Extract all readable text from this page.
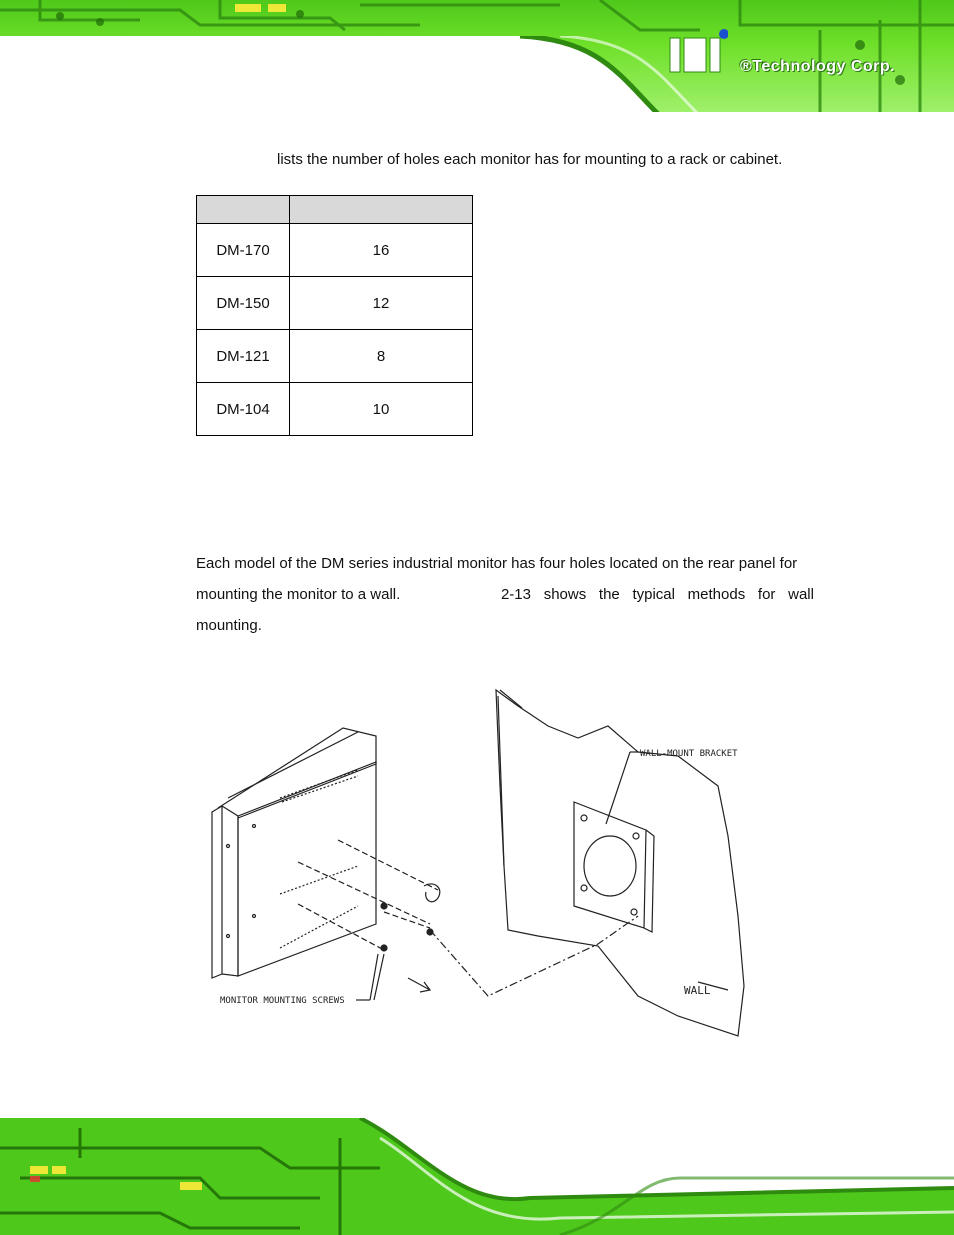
®Technology Corp.
lists the number of holes each monitor has for mounting to a rack or cabinet.

DM-170	16
DM-150	12
DM-121	8
DM-104	10
Each model of the DM series industrial monitor has four holes located on the rear panel for
mounting the monitor to a wall.	2-13 shows the typical methods for wall
mounting.
WALL-MOUNT BRACKET
WALL
MONITOR MOUNTING SCREWS
